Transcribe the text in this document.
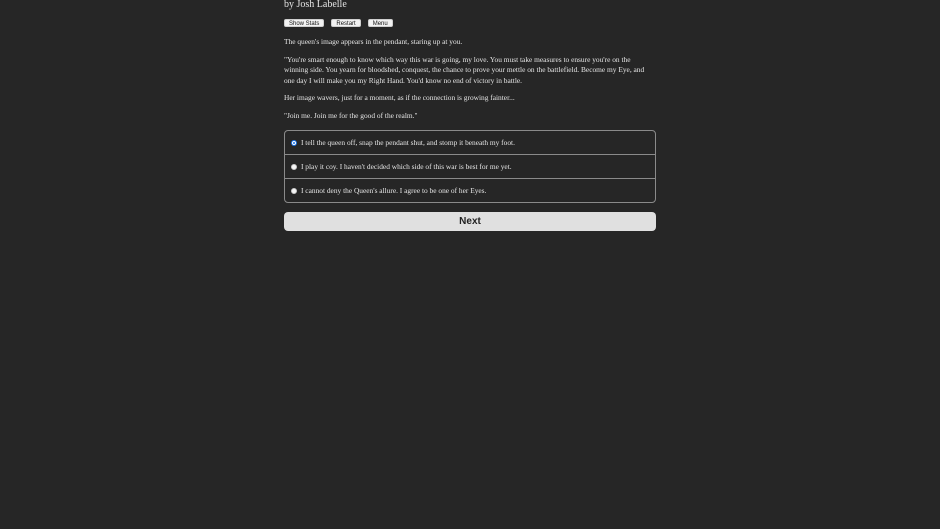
by Josh Labelle

Show Stats	Restart	Menu

The queen's image appears in the pendant, staring up at you.

"You're smart enough to know which way this war is going, my love. You must take measures to ensure you're on the winning side. You yearn for bloodshed, conquest, the chance to prove your mettle on the battlefield. Become my Eye, and one day I will make you my Right Hand. You'd know no end of victory in battle.

Her image wavers, just for a moment, as if the connection is growing fainter...

"Join me. Join me for the good of the realm."

I tell the queen off, snap the pendant shut, and stomp it beneath my foot.
I play it coy. I haven't decided which side of this war is best for me yet.
I cannot deny the Queen's allure. I agree to be one of her Eyes.
Next
